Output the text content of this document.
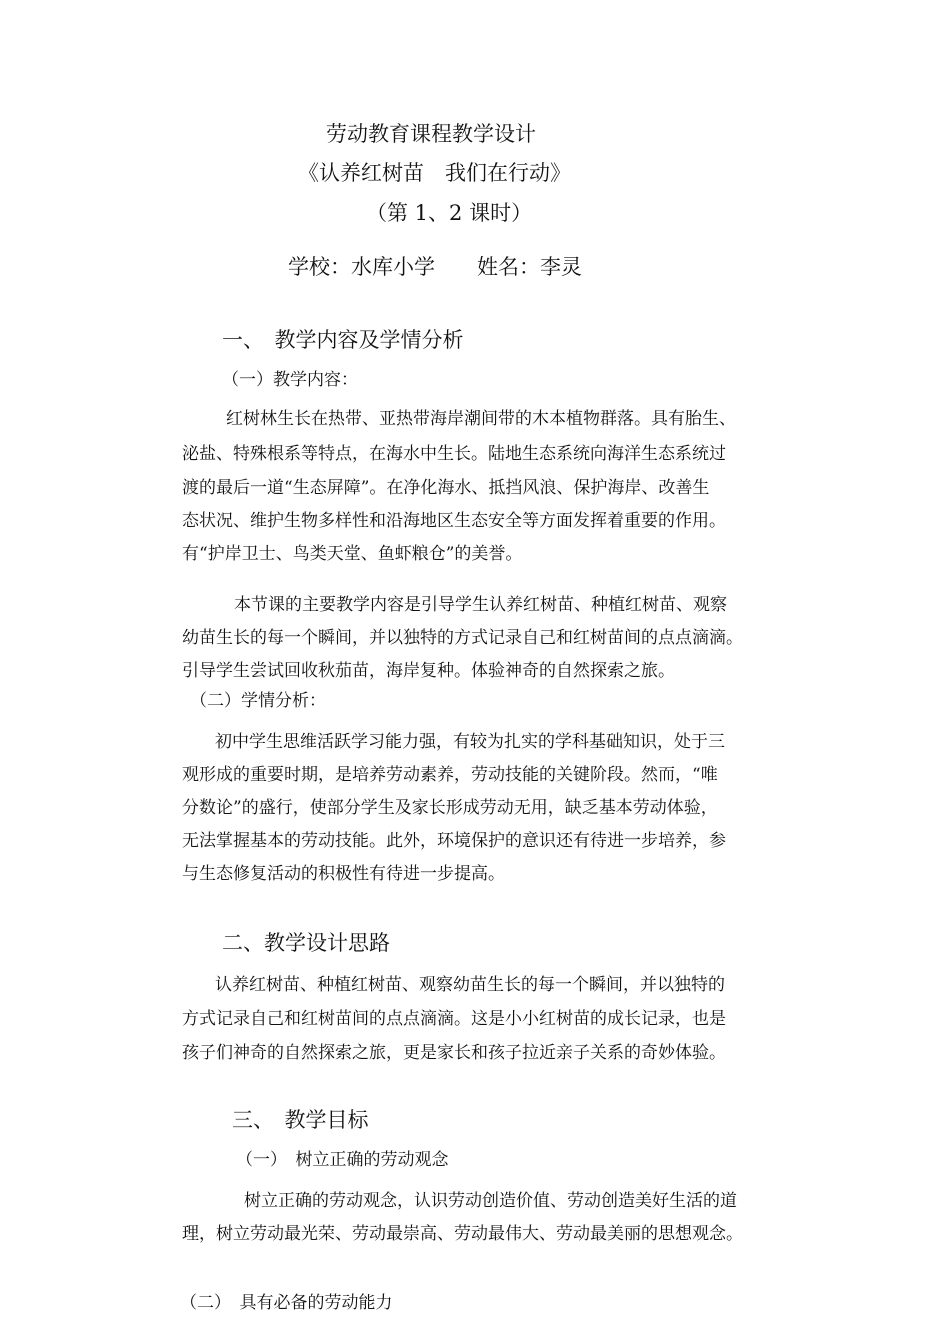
劳动教育课程教学设计
《认养红树苗　我们在行动》
（第 1、2 课时）
学校：水库小学　　姓名：李灵
一、　教学内容及学情分析
（一）教学内容：
红树林生长在热带、亚热带海岸潮间带的木本植物群落。具有胎生、
泌盐、特殊根系等特点，在海水中生长。陆地生态系统向海洋生态系统过
渡的最后一道“生态屏障”。在净化海水、抵挡风浪、保护海岸、改善生
态状况、维护生物多样性和沿海地区生态安全等方面发挥着重要的作用。
有“护岸卫士、鸟类天堂、鱼虾粮仓”的美誉。
本节课的主要教学内容是引导学生认养红树苗、种植红树苗、观察
幼苗生长的每一个瞬间，并以独特的方式记录自己和红树苗间的点点滴滴。
引导学生尝试回收秋茄苗，海岸复种。体验神奇的自然探索之旅。
（二）学情分析：
初中学生思维活跃学习能力强，有较为扎实的学科基础知识，处于三
观形成的重要时期，是培养劳动素养，劳动技能的关键阶段。然而，“唯
分数论”的盛行，使部分学生及家长形成劳动无用，缺乏基本劳动体验，
无法掌握基本的劳动技能。此外，环境保护的意识还有待进一步培养，参
与生态修复活动的积极性有待进一步提高。
二、教学设计思路
认养红树苗、种植红树苗、观察幼苗生长的每一个瞬间，并以独特的
方式记录自己和红树苗间的点点滴滴。这是小小红树苗的成长记录，也是
孩子们神奇的自然探索之旅，更是家长和孩子拉近亲子关系的奇妙体验。
三、　教学目标
（一）　树立正确的劳动观念
树立正确的劳动观念，认识劳动创造价值、劳动创造美好生活的道
理，树立劳动最光荣、劳动最崇高、劳动最伟大、劳动最美丽的思想观念。
（二）　具有必备的劳动能力
